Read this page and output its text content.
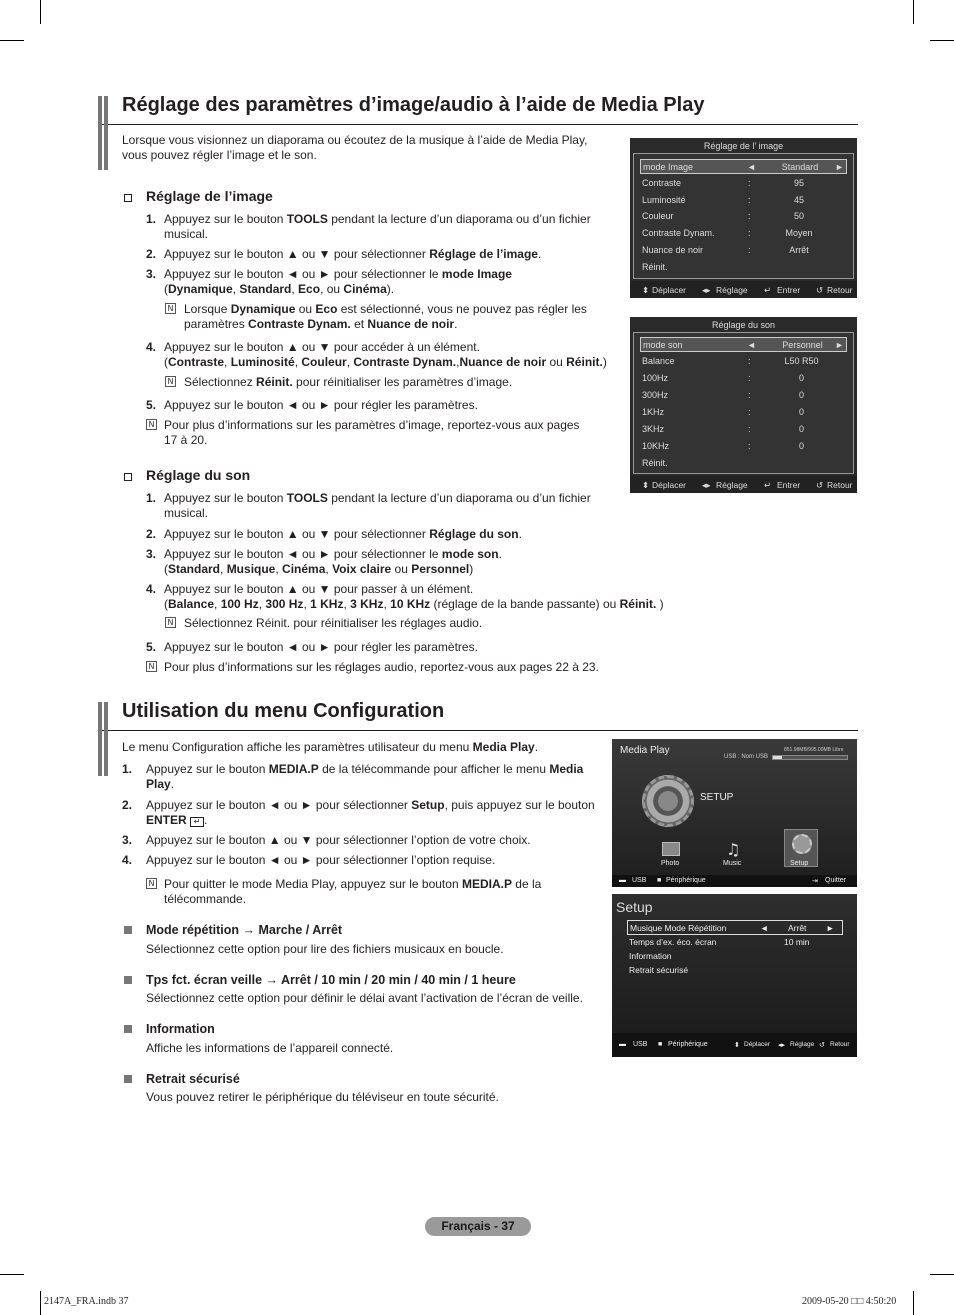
Réglage des paramètres d’image/audio à l’aide de Media Play
Lorsque vous visionnez un diaporama ou écoutez de la musique à l’aide de Media Play,
vous pouvez régler l’image et le son.
Réglage de l’image
1. Appuyez sur le bouton TOOLS pendant la lecture d’un diaporama ou d’un fichier
musical.
2. Appuyez sur le bouton ▲ ou ▼ pour sélectionner Réglage de l’image.
3. Appuyez sur le bouton ◄ ou ► pour sélectionner le mode Image
(Dynamique, Standard, Eco, ou Cinéma).
N Lorsque Dynamique ou Eco est sélectionné, vous ne pouvez pas régler les
paramètres Contraste Dynam. et Nuance de noir.
4. Appuyez sur le bouton ▲ ou ▼ pour accéder à un élément.
(Contraste, Luminosité, Couleur, Contraste Dynam.,Nuance de noir ou Réinit.)
N Sélectionnez Réinit. pour réinitialiser les paramètres d’image.
5. Appuyez sur le bouton ◄ ou ► pour régler les paramètres.
N Pour plus d’informations sur les paramètres d’image, reportez-vous aux pages
17 à 20.
Réglage du son
1. Appuyez sur le bouton TOOLS pendant la lecture d’un diaporama ou d’un fichier
musical.
2. Appuyez sur le bouton ▲ ou ▼ pour sélectionner Réglage du son.
3. Appuyez sur le bouton ◄ ou ► pour sélectionner le mode son.
(Standard, Musique, Cinéma, Voix claire ou Personnel)
4. Appuyez sur le bouton ▲ ou ▼ pour passer à un élément.
(Balance, 100 Hz, 300 Hz, 1 KHz, 3 KHz, 10 KHz (réglage de la bande passante) ou Réinit. )
N Sélectionnez Réinit. pour réinitialiser les réglages audio.
5. Appuyez sur le bouton ◄ ou ► pour régler les paramètres.
N Pour plus d’informations sur les réglages audio, reportez-vous aux pages 22 à 23.
Réglage de l’ image
mode Image	◄	Standard	►
Contraste	:	95
Luminosité	:	45
Couleur	:	50
Contraste Dynam.	:	Moyen
Nuance de noir	:	Arrêt
Réinit.
⬍ Déplacer ◂▸ Réglage ↵ Entrer ↺ Retour
Réglage du son
mode son	◄	Personnel	►
Balance	:	L50 R50
100Hz	:	0
300Hz	:	0
1KHz	:	0
3KHz	:	0
10KHz	:	0
Réinit.
⬍ Déplacer ◂▸ Réglage ↵ Entrer ↺ Retour
Utilisation du menu Configuration
Le menu Configuration affiche les paramètres utilisateur du menu Media Play.
1. Appuyez sur le bouton MEDIA.P de la télécommande pour afficher le menu Media
Play.
2. Appuyez sur le bouton ◄ ou ► pour sélectionner Setup, puis appuyez sur le bouton
ENTER ↵ .
3. Appuyez sur le bouton ▲ ou ▼ pour sélectionner l’option de votre choix.
4. Appuyez sur le bouton ◄ ou ► pour sélectionner l’option requise.
N Pour quitter le mode Media Play, appuyez sur le bouton MEDIA.P de la
télécommande.
Mode répétition → Marche / Arrêt
Sélectionnez cette option pour lire des fichiers musicaux en boucle.
Tps fct. écran veille → Arrêt / 10 min / 20 min / 40 min / 1 heure
Sélectionnez cette option pour définir le délai avant l’activation de l’écran de veille.
Information
Affiche les informations de l’appareil connecté.
Retrait sécurisé
Vous pouvez retirer le périphérique du téléviseur en toute sécurité.
Media Play
USB : Nom USB
851.98MB/995.00MB Libre
SETUP
Photo
♫
Music	Setup
▬ USB ■ Périphérique	⇥ Quitter
Setup
Musique Mode Répétition	◄ Arrêt ►
Temps d’ex. éco. écran	10 min
Information
Retrait sécurisé
▬ USB ■ Périphérique	⬍ Déplacer ◂▸ Réglage ↺ Retour
Français - 37
2147A_FRA.indb 37	2009-05-20 □□ 4:50:20
